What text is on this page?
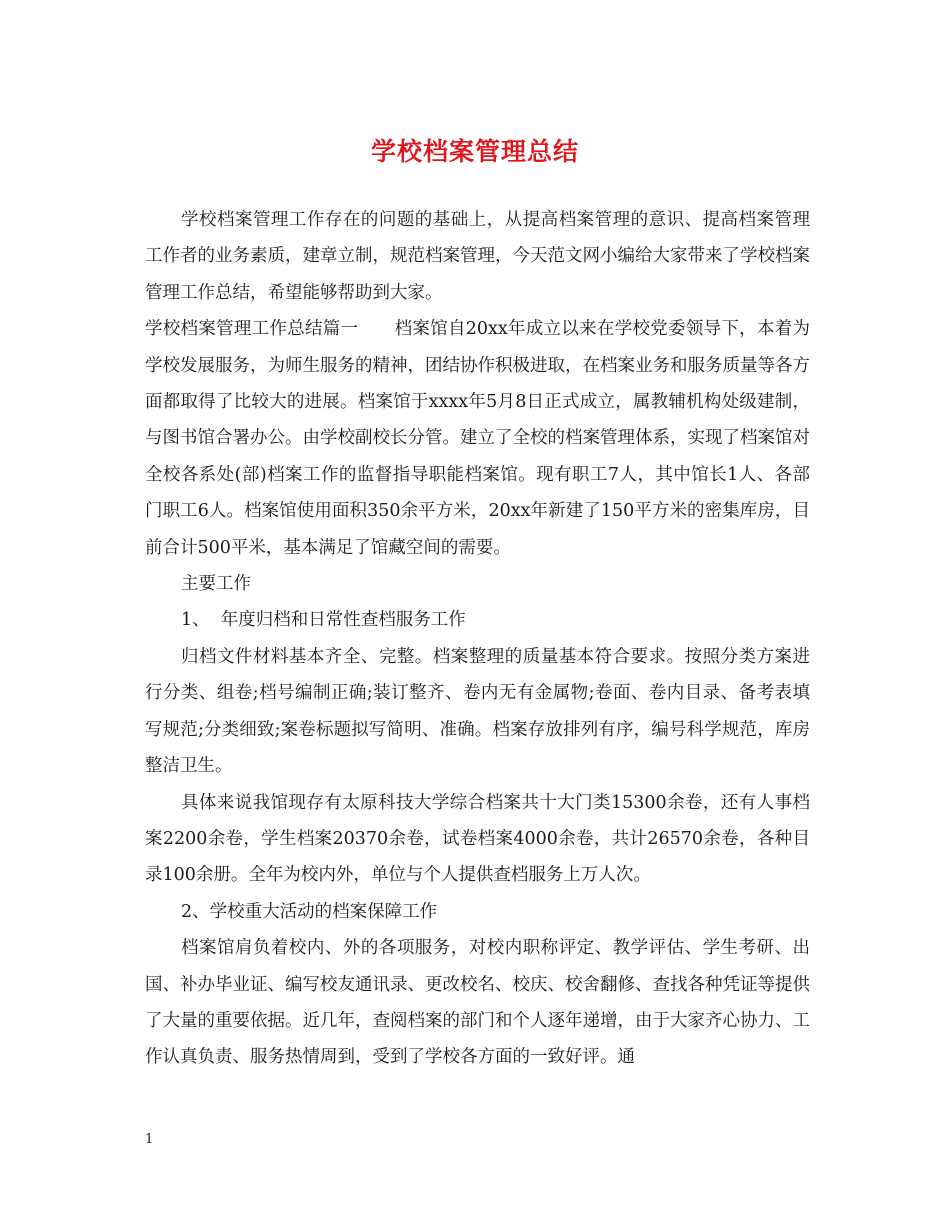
学校档案管理总结

学校档案管理工作存在的问题的基础上，从提高档案管理的意识、提高档案管理工作者的业务素质，建章立制，规范档案管理，今天范文网小编给大家带来了学校档案管理工作总结，希望能够帮助到大家。

学校档案管理工作总结篇一 档案馆自20xx年成立以来在学校党委领导下，本着为学校发展服务，为师生服务的精神，团结协作积极进取，在档案业务和服务质量等各方面都取得了比较大的进展。档案馆于xxxx年5月8日正式成立，属教辅机构处级建制，与图书馆合署办公。由学校副校长分管。建立了全校的档案管理体系，实现了档案馆对全校各系处(部)档案工作的监督指导职能档案馆。现有职工7人，其中馆长1人、各部门职工6人。档案馆使用面积350余平方米，20xx年新建了150平方米的密集库房，目前合计500平米，基本满足了馆藏空间的需要。

主要工作

1、  年度归档和日常性查档服务工作

归档文件材料基本齐全、完整。档案整理的质量基本符合要求。按照分类方案进行分类、组卷;档号编制正确;装订整齐、卷内无有金属物;卷面、卷内目录、备考表填写规范;分类细致;案卷标题拟写简明、准确。档案存放排列有序，编号科学规范，库房整洁卫生。

具体来说我馆现存有太原科技大学综合档案共十大门类15300余卷，还有人事档案2200余卷，学生档案20370余卷，试卷档案4000余卷，共计26570余卷，各种目录100余册。全年为校内外，单位与个人提供查档服务上万人次。

2、学校重大活动的档案保障工作

档案馆肩负着校内、外的各项服务，对校内职称评定、教学评估、学生考研、出国、补办毕业证、编写校友通讯录、更改校名、校庆、校舍翻修、查找各种凭证等提供了大量的重要依据。近几年，查阅档案的部门和个人逐年递增，由于大家齐心协力、工作认真负责、服务热情周到，受到了学校各方面的一致好评。通

1
